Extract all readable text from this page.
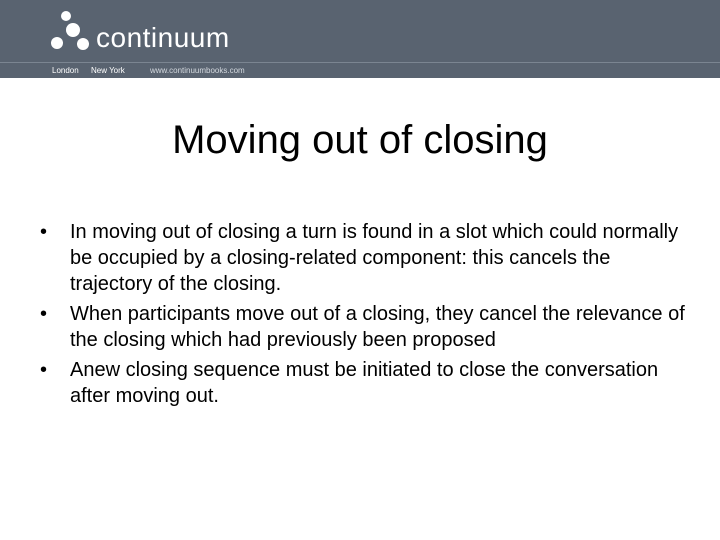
continuum
London New York	www.continuumbooks.com
Moving out of closing
•	In moving out of closing a turn is found in a slot which could normally be occupied by a closing-related component: this cancels the trajectory of the closing.
•	When participants move out of a closing, they cancel the relevance of the closing which had previously been proposed
•	Anew closing sequence must be initiated to close the conversation after moving out.
